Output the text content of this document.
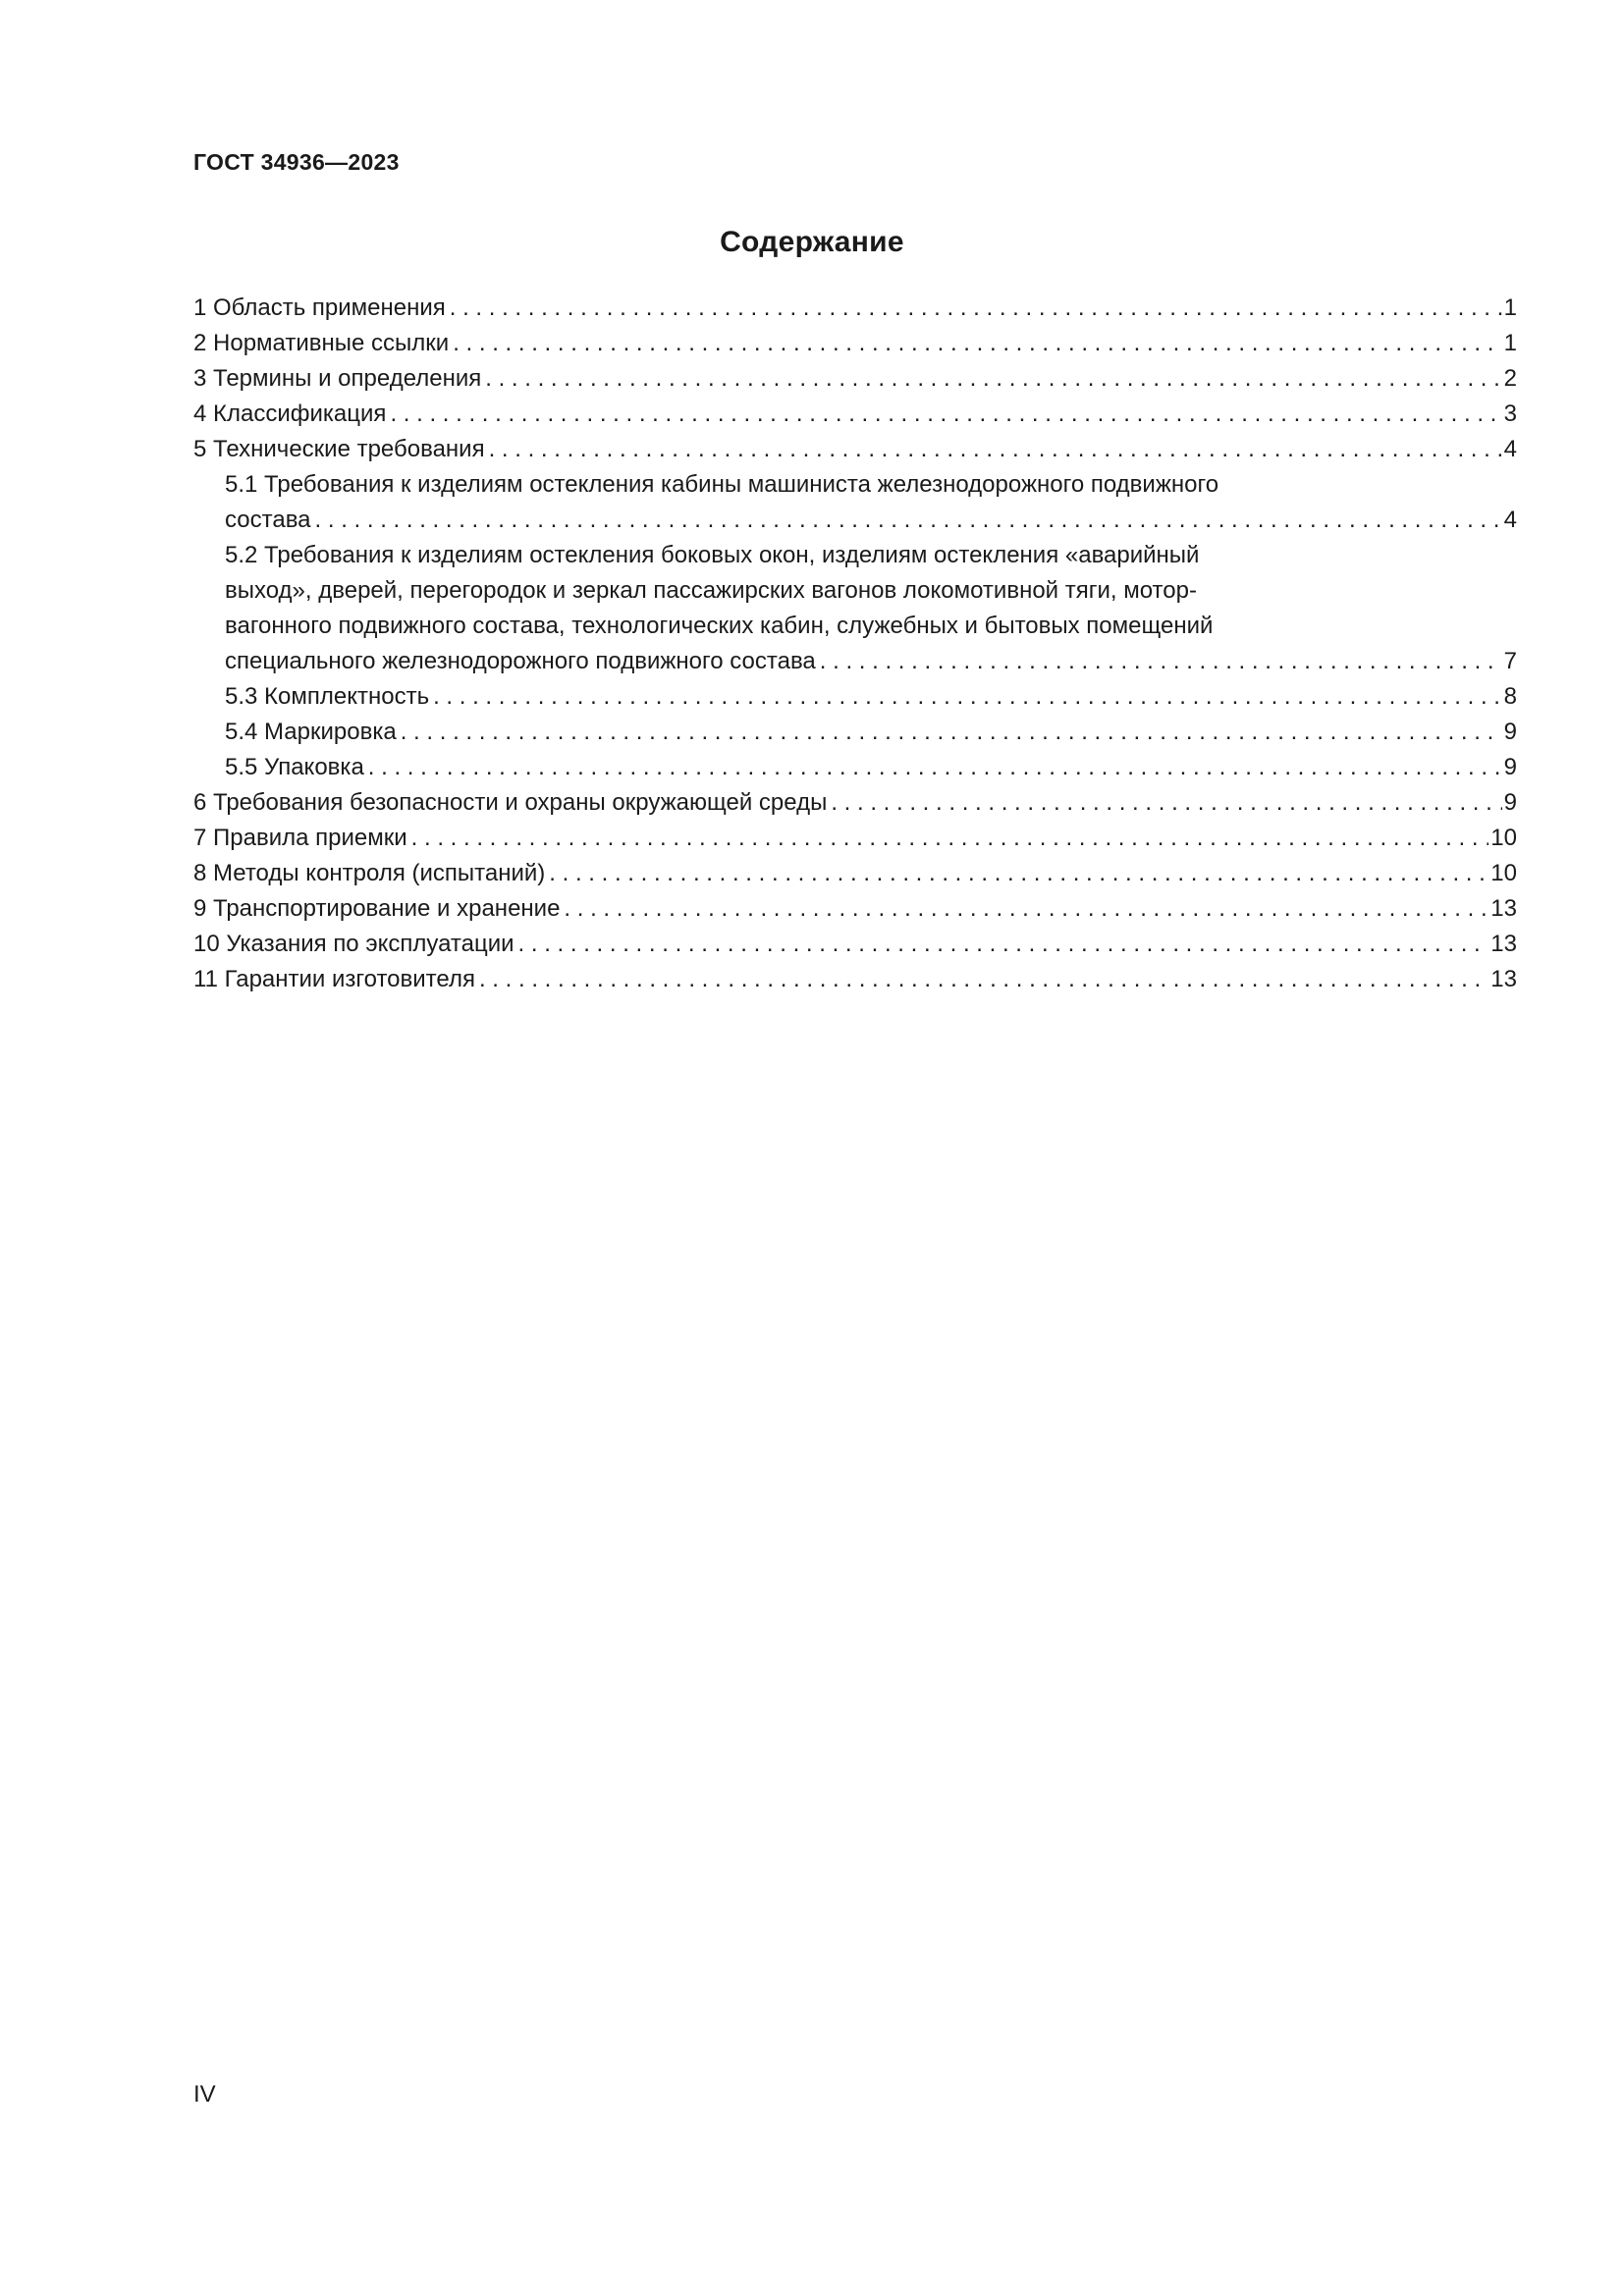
ГОСТ 34936—2023
Содержание
1 Область применения . . .	1
2 Нормативные ссылки . . .	1
3 Термины и определения . . .	2
4 Классификация . . .	3
5 Технические требования . . .	4
5.1 Требования к изделиям остекления кабины машиниста железнодорожного подвижного
состава . . .	4
5.2 Требования к изделиям остекления боковых окон, изделиям остекления «аварийный
выход», дверей, перегородок и зеркал пассажирских вагонов локомотивной тяги, мотор-
вагонного подвижного состава, технологических кабин, служебных и бытовых помещений
специального железнодорожного подвижного состава . . .	7
5.3 Комплектность . . .	8
5.4 Маркировка . . .	9
5.5 Упаковка . . .	9
6 Требования безопасности и охраны окружающей среды . . .	9
7 Правила приемки . . .	10
8 Методы контроля (испытаний) . . .	10
9 Транспортирование и хранение . . .	13
10 Указания по эксплуатации . . .	13
11 Гарантии изготовителя . . .	13
IV
